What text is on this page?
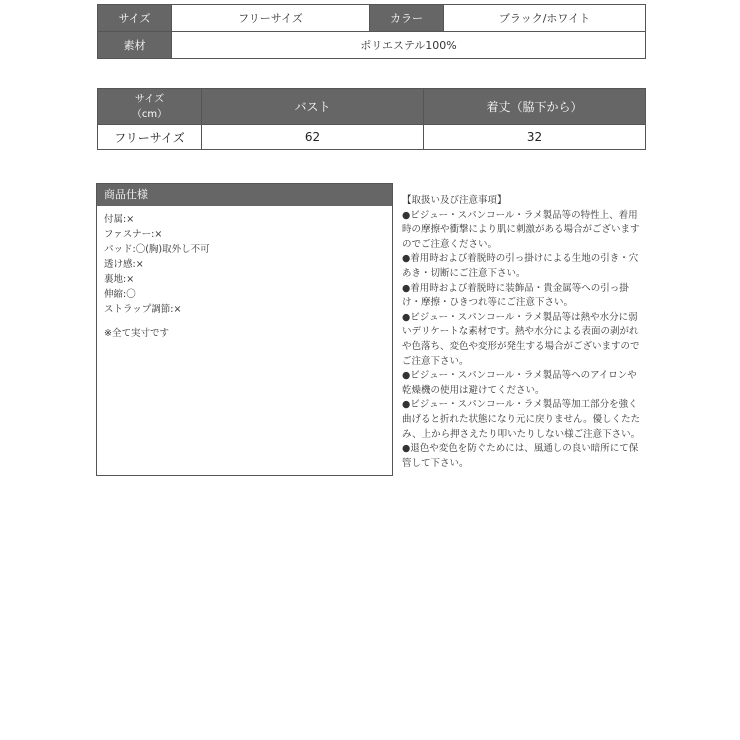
サイズ	フリーサイズ	カラー	ブラック/ホワイト
素材	ポリエステル100%		
サイズ
（cm）	バスト	着丈（脇下から）
フリーサイズ	62	32
商品仕様
付属:×
ファスナー:×
パッド:〇(胸)取外し不可
透け感:×
裏地:×
伸縮:〇
ストラップ調節:×
※全て実寸です
【取扱い及び注意事項】
●ビジュー・スパンコール・ラメ製品等の特性上、着用時の摩擦や衝撃により肌に刺激がある場合がございますのでご注意ください。
●着用時および着脱時の引っ掛けによる生地の引き・穴あき・切断にご注意下さい。
●着用時および着脱時に装飾品・貴金属等への引っ掛け・摩擦・ひきつれ等にご注意下さい。
●ビジュー・スパンコール・ラメ製品等は熱や水分に弱いデリケートな素材です。熱や水分による表面の剥がれや色落ち、変色や変形が発生する場合がございますのでご注意下さい。
●ビジュー・スパンコール・ラメ製品等へのアイロンや乾燥機の使用は避けてください。
●ビジュー・スパンコール・ラメ製品等加工部分を強く曲げると折れた状態になり元に戻りません。優しくたたみ、上から押さえたり叩いたりしない様ご注意下さい。
●退色や変色を防ぐためには、風通しの良い暗所にて保管して下さい。
